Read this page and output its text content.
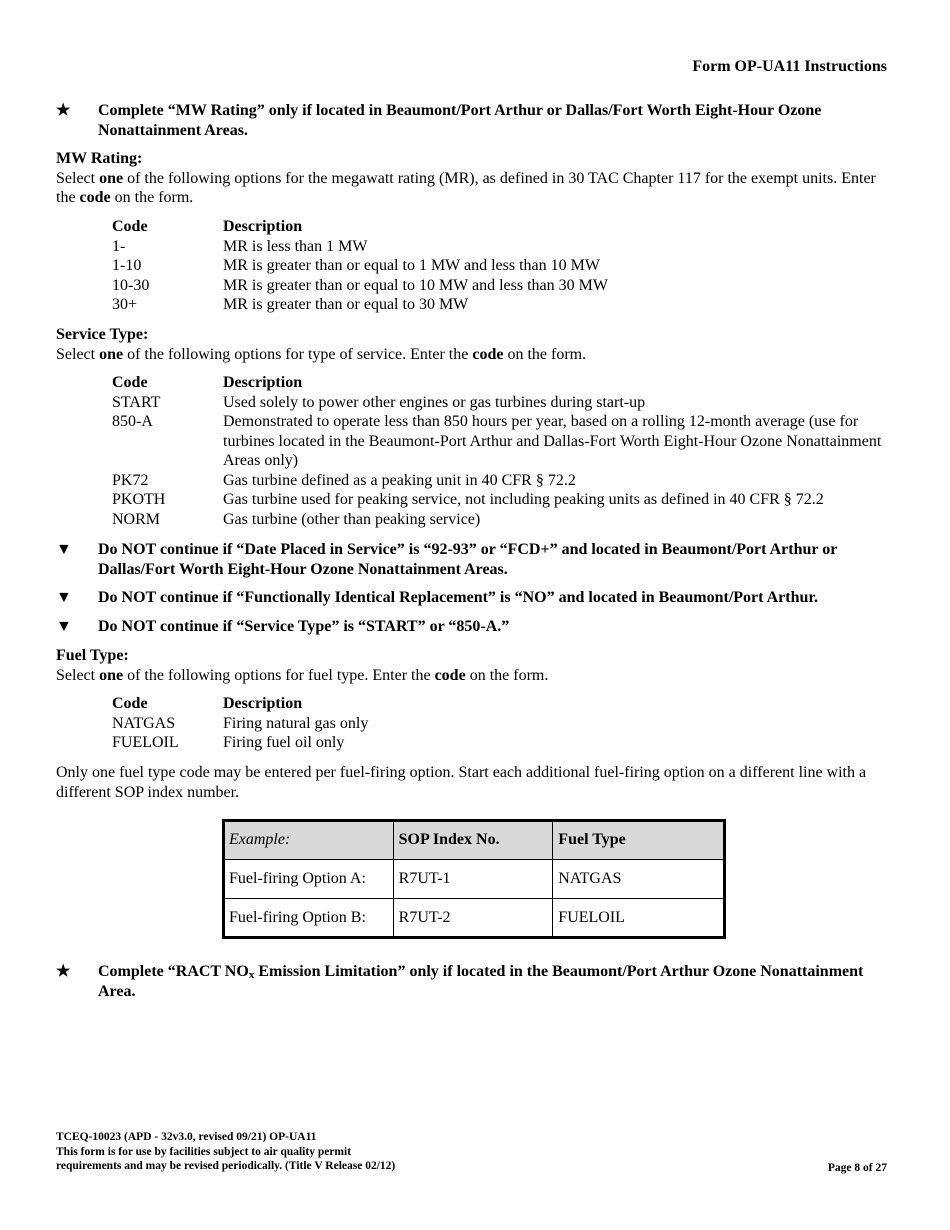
Form OP-UA11 Instructions
★	Complete “MW Rating” only if located in Beaumont/Port Arthur or Dallas/Fort Worth Eight-Hour Ozone Nonattainment Areas.
MW Rating:
Select one of the following options for the megawatt rating (MR), as defined in 30 TAC Chapter 117 for the exempt units. Enter the code on the form.
Code	Description
1-	MR is less than 1 MW
1-10	MR is greater than or equal to 1 MW and less than 10 MW
10-30	MR is greater than or equal to 10 MW and less than 30 MW
30+	MR is greater than or equal to 30 MW
Service Type:
Select one of the following options for type of service. Enter the code on the form.
Code	Description
START	Used solely to power other engines or gas turbines during start-up
850-A	Demonstrated to operate less than 850 hours per year, based on a rolling 12-month average (use for turbines located in the Beaumont-Port Arthur and Dallas-Fort Worth Eight-Hour Ozone Nonattainment Areas only)
PK72	Gas turbine defined as a peaking unit in 40 CFR § 72.2
PKOTH	Gas turbine used for peaking service, not including peaking units as defined in 40 CFR § 72.2
NORM	Gas turbine (other than peaking service)
▼ Do NOT continue if “Date Placed in Service” is “92-93” or “FCD+” and located in Beaumont/Port Arthur or Dallas/Fort Worth Eight-Hour Ozone Nonattainment Areas.
▼ Do NOT continue if “Functionally Identical Replacement” is “NO” and located in Beaumont/Port Arthur.
▼ Do NOT continue if “Service Type” is “START” or “850-A.”
Fuel Type:
Select one of the following options for fuel type. Enter the code on the form.
Code	Description
NATGAS	Firing natural gas only
FUELOIL	Firing fuel oil only
Only one fuel type code may be entered per fuel-firing option. Start each additional fuel-firing option on a different line with a different SOP index number.
Example:	SOP Index No.	Fuel Type
Fuel-firing Option A:	R7UT-1	NATGAS
Fuel-firing Option B:	R7UT-2	FUELOIL
★	Complete “RACT $NO_x$ Emission Limitation” only if located in the Beaumont/Port Arthur Ozone Nonattainment Area.
TCEQ-10023 (APD - 32v3.0, revised 09/21) OP-UA11
This form is for use by facilities subject to air quality permit
requirements and may be revised periodically. (Title V Release 02/12)	Page 8 of 27
